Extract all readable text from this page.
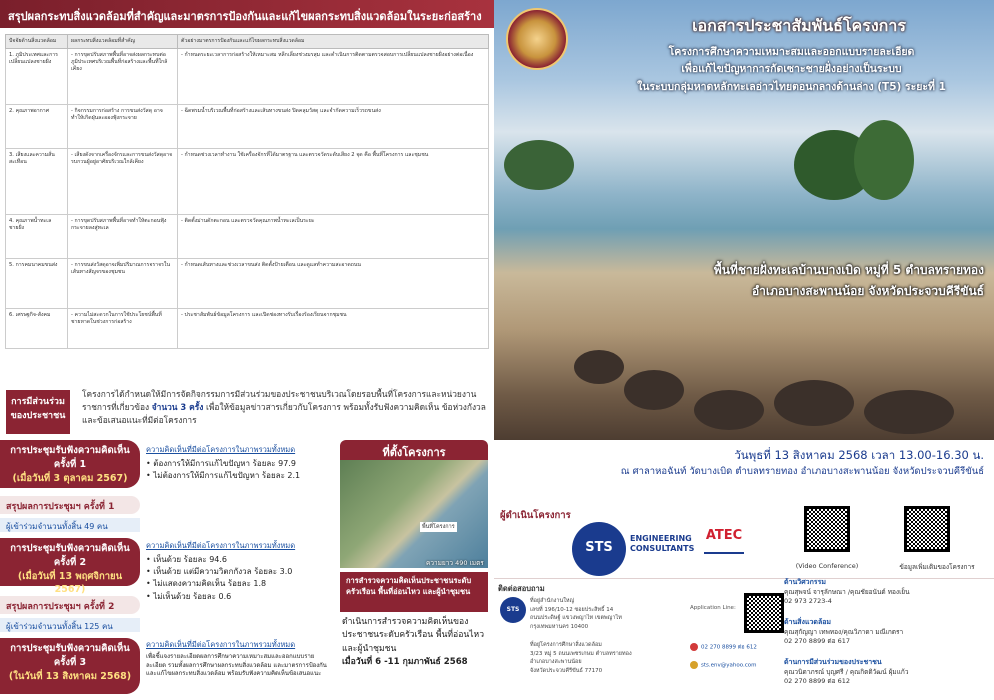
สรุปผลกระทบสิ่งแวดล้อมที่สำคัญและมาตรการป้องกันและแก้ไขผลกระทบสิ่งแวดล้อมในระยะก่อสร้าง
ปัจจัยด้านสิ่งแวดล้อม	ผลกระทบสิ่งแวดล้อมที่สำคัญ	ตัวอย่างมาตรการป้องกันและแก้ไขผลกระทบสิ่งแวดล้อม
1. ภูมิประเทศและการเปลี่ยนแปลงชายฝั่ง	- การขุดปรับสภาพพื้นที่อาจส่งผลกระทบต่อภูมิประเทศบริเวณพื้นที่ก่อสร้างและพื้นที่ใกล้เคียง	- กำหนดระยะเวลาการก่อสร้างให้เหมาะสม หลีกเลี่ยงช่วงมรสุม และดำเนินการติดตามตรวจสอบการเปลี่ยนแปลงชายฝั่งอย่างต่อเนื่อง
2. คุณภาพอากาศ	- กิจกรรมการก่อสร้าง การขนส่งวัสดุ อาจทำให้เกิดฝุ่นละอองฟุ้งกระจาย	- ฉีดพรมน้ำบริเวณพื้นที่ก่อสร้างและเส้นทางขนส่ง ปิดคลุมวัสดุ และจำกัดความเร็วรถขนส่ง
3. เสียงและความสั่นสะเทือน	- เสียงดังจากเครื่องจักรและการขนส่งวัสดุอาจรบกวนผู้อยู่อาศัยบริเวณใกล้เคียง	- กำหนดช่วงเวลาทำงาน ใช้เครื่องจักรที่ได้มาตรฐาน และตรวจวัดระดับเสียง 2 จุด คือ พื้นที่โครงการ และชุมชน
4. คุณภาพน้ำทะเลชายฝั่ง	- การขุดปรับสภาพพื้นที่อาจทำให้ตะกอนฟุ้งกระจายลงสู่ทะเล	- ติดตั้งม่านดักตะกอน และตรวจวัดคุณภาพน้ำทะเลเป็นระยะ
5. การคมนาคมขนส่ง	- การขนส่งวัสดุอาจเพิ่มปริมาณการจราจรในเส้นทางสัญจรของชุมชน	- กำหนดเส้นทางและช่วงเวลาขนส่ง ติดตั้งป้ายเตือน และดูแลทำความสะอาดถนน
6. เศรษฐกิจ-สังคม	- ความไม่สะดวกในการใช้ประโยชน์พื้นที่ชายหาดในช่วงการก่อสร้าง	- ประชาสัมพันธ์ข้อมูลโครงการ และเปิดช่องทางรับเรื่องร้องเรียนจากชุมชน
การมีส่วนร่วมของประชาชน
โครงการได้กำหนดให้มีการจัดกิจกรรมการมีส่วนร่วมของประชาชนบริเวณโดยรอบพื้นที่โครงการและหน่วยงานราชการที่เกี่ยวข้อง จำนวน 3 ครั้ง เพื่อให้ข้อมูลข่าวสารเกี่ยวกับโครงการ พร้อมทั้งรับฟังความคิดเห็น ข้อห่วงกังวลและข้อเสนอแนะที่มีต่อโครงการ
การประชุมรับฟังความคิดเห็น ครั้งที่ 1
(เมื่อวันที่ 3 ตุลาคม 2567)
สรุปผลการประชุมฯ ครั้งที่ 1
ผู้เข้าร่วมจำนวนทั้งสิ้น 49 คน
ความคิดเห็นที่มีต่อโครงการในภาพรวมทั้งหมด
• ต้องการให้มีการแก้ไขปัญหา ร้อยละ 97.9
• ไม่ต้องการให้มีการแก้ไขปัญหา ร้อยละ 2.1
การประชุมรับฟังความคิดเห็น ครั้งที่ 2
(เมื่อวันที่ 13 พฤศจิกายน 2567)
สรุปผลการประชุมฯ ครั้งที่ 2
ผู้เข้าร่วมจำนวนทั้งสิ้น 125 คน
ความคิดเห็นที่มีต่อโครงการในภาพรวมทั้งหมด
• เห็นด้วย ร้อยละ 94.6
• เห็นด้วย แต่มีความวิตกกังวล ร้อยละ 3.0
• ไม่แสดงความคิดเห็น ร้อยละ 1.8
• ไม่เห็นด้วย ร้อยละ 0.6
การประชุมรับฟังความคิดเห็น ครั้งที่ 3
(ในวันที่ 13 สิงหาคม 2568)
ความคิดเห็นที่มีต่อโครงการในภาพรวมทั้งหมด
เพื่อชี้แจงรายละเอียดผลการศึกษาความเหมาะสมและออกแบบรายละเอียด รวมทั้งผลการศึกษาผลกระทบสิ่งแวดล้อม และมาตรการป้องกันและแก้ไขผลกระทบสิ่งแวดล้อม พร้อมรับฟังความคิดเห็นข้อเสนอแนะ
ที่ตั้งโครงการ
พื้นที่โครงการ
ความยาว 490 เมตร
การสำรวจความคิดเห็นประชาชนระดับครัวเรือน พื้นที่อ่อนไหว และผู้นำชุมชน
ดำเนินการสำรวจความคิดเห็นของประชาชนระดับครัวเรือน พื้นที่อ่อนไหว และผู้นำชุมชน
เมื่อวันที่ 6 -11 กุมภาพันธ์ 2568
เอกสารประชาสัมพันธ์โครงการ
โครงการศึกษาความเหมาะสมและออกแบบรายละเอียด
เพื่อแก้ไขปัญหาการกัดเซาะชายฝั่งอย่างเป็นระบบ
ในระบบกลุ่มหาดหลักทะเลอ่าวไทยตอนกลางด้านล่าง (T5) ระยะที่ 1
พื้นที่ชายฝั่งทะเลบ้านบางเบิด หมู่ที่ 5 ตำบลทรายทอง
อำเภอบางสะพานน้อย จังหวัดประจวบคีรีขันธ์
วันพุธที่ 13 สิงหาคม 2568 เวลา 13.00-16.30 น.
ณ ศาลาหอฉันท์ วัดบางเบิด ตำบลทรายทอง อำเภอบางสะพานน้อย จังหวัดประจวบคีรีขันธ์
ผู้ดำเนินโครงการ
STS
ENGINEERING
CONSULTANTS
ATEC
(Video Conference)	ข้อมูลเพิ่มเติมของโครงการ
ติดต่อสอบถาม
STS
ที่อยู่สำนักงานใหญ่
เลขที่ 196/10-12 ซอยประสิทธิ์ 14
ถนนประดิษฐ์ แขวงพญาไท เขตพญาไท
กรุงเทพมหานคร 10400
ที่อยู่โครงการศึกษาสิ่งแวดล้อม
3/23 หมู่ 5 ถนนเพชรเกษม ตำบลทรายทอง
อำเภอบางสะพานน้อย
จังหวัดประจวบคีรีขันธ์ 77170
Application Line:
02 270 8899 ต่อ 612
sts.env@yahoo.com
ด้านวิศวกรรม
คุณสุพจน์ จารุลักษณา /คุณชัยอนันต์ ทองเย็น
02 973 2723-4
ด้านสิ่งแวดล้อม
คุณสุกัญญา เทพทอง/คุณวิภาดา มณีเกตรา
02 270 8899 ต่อ 617
ด้านการมีส่วนร่วมของประชาชน
คุณวนิดาภรณ์ บุญศรี / คุณกิตติวัฒน์ ผุ้มแก้ว
02 270 8899 ต่อ 612
